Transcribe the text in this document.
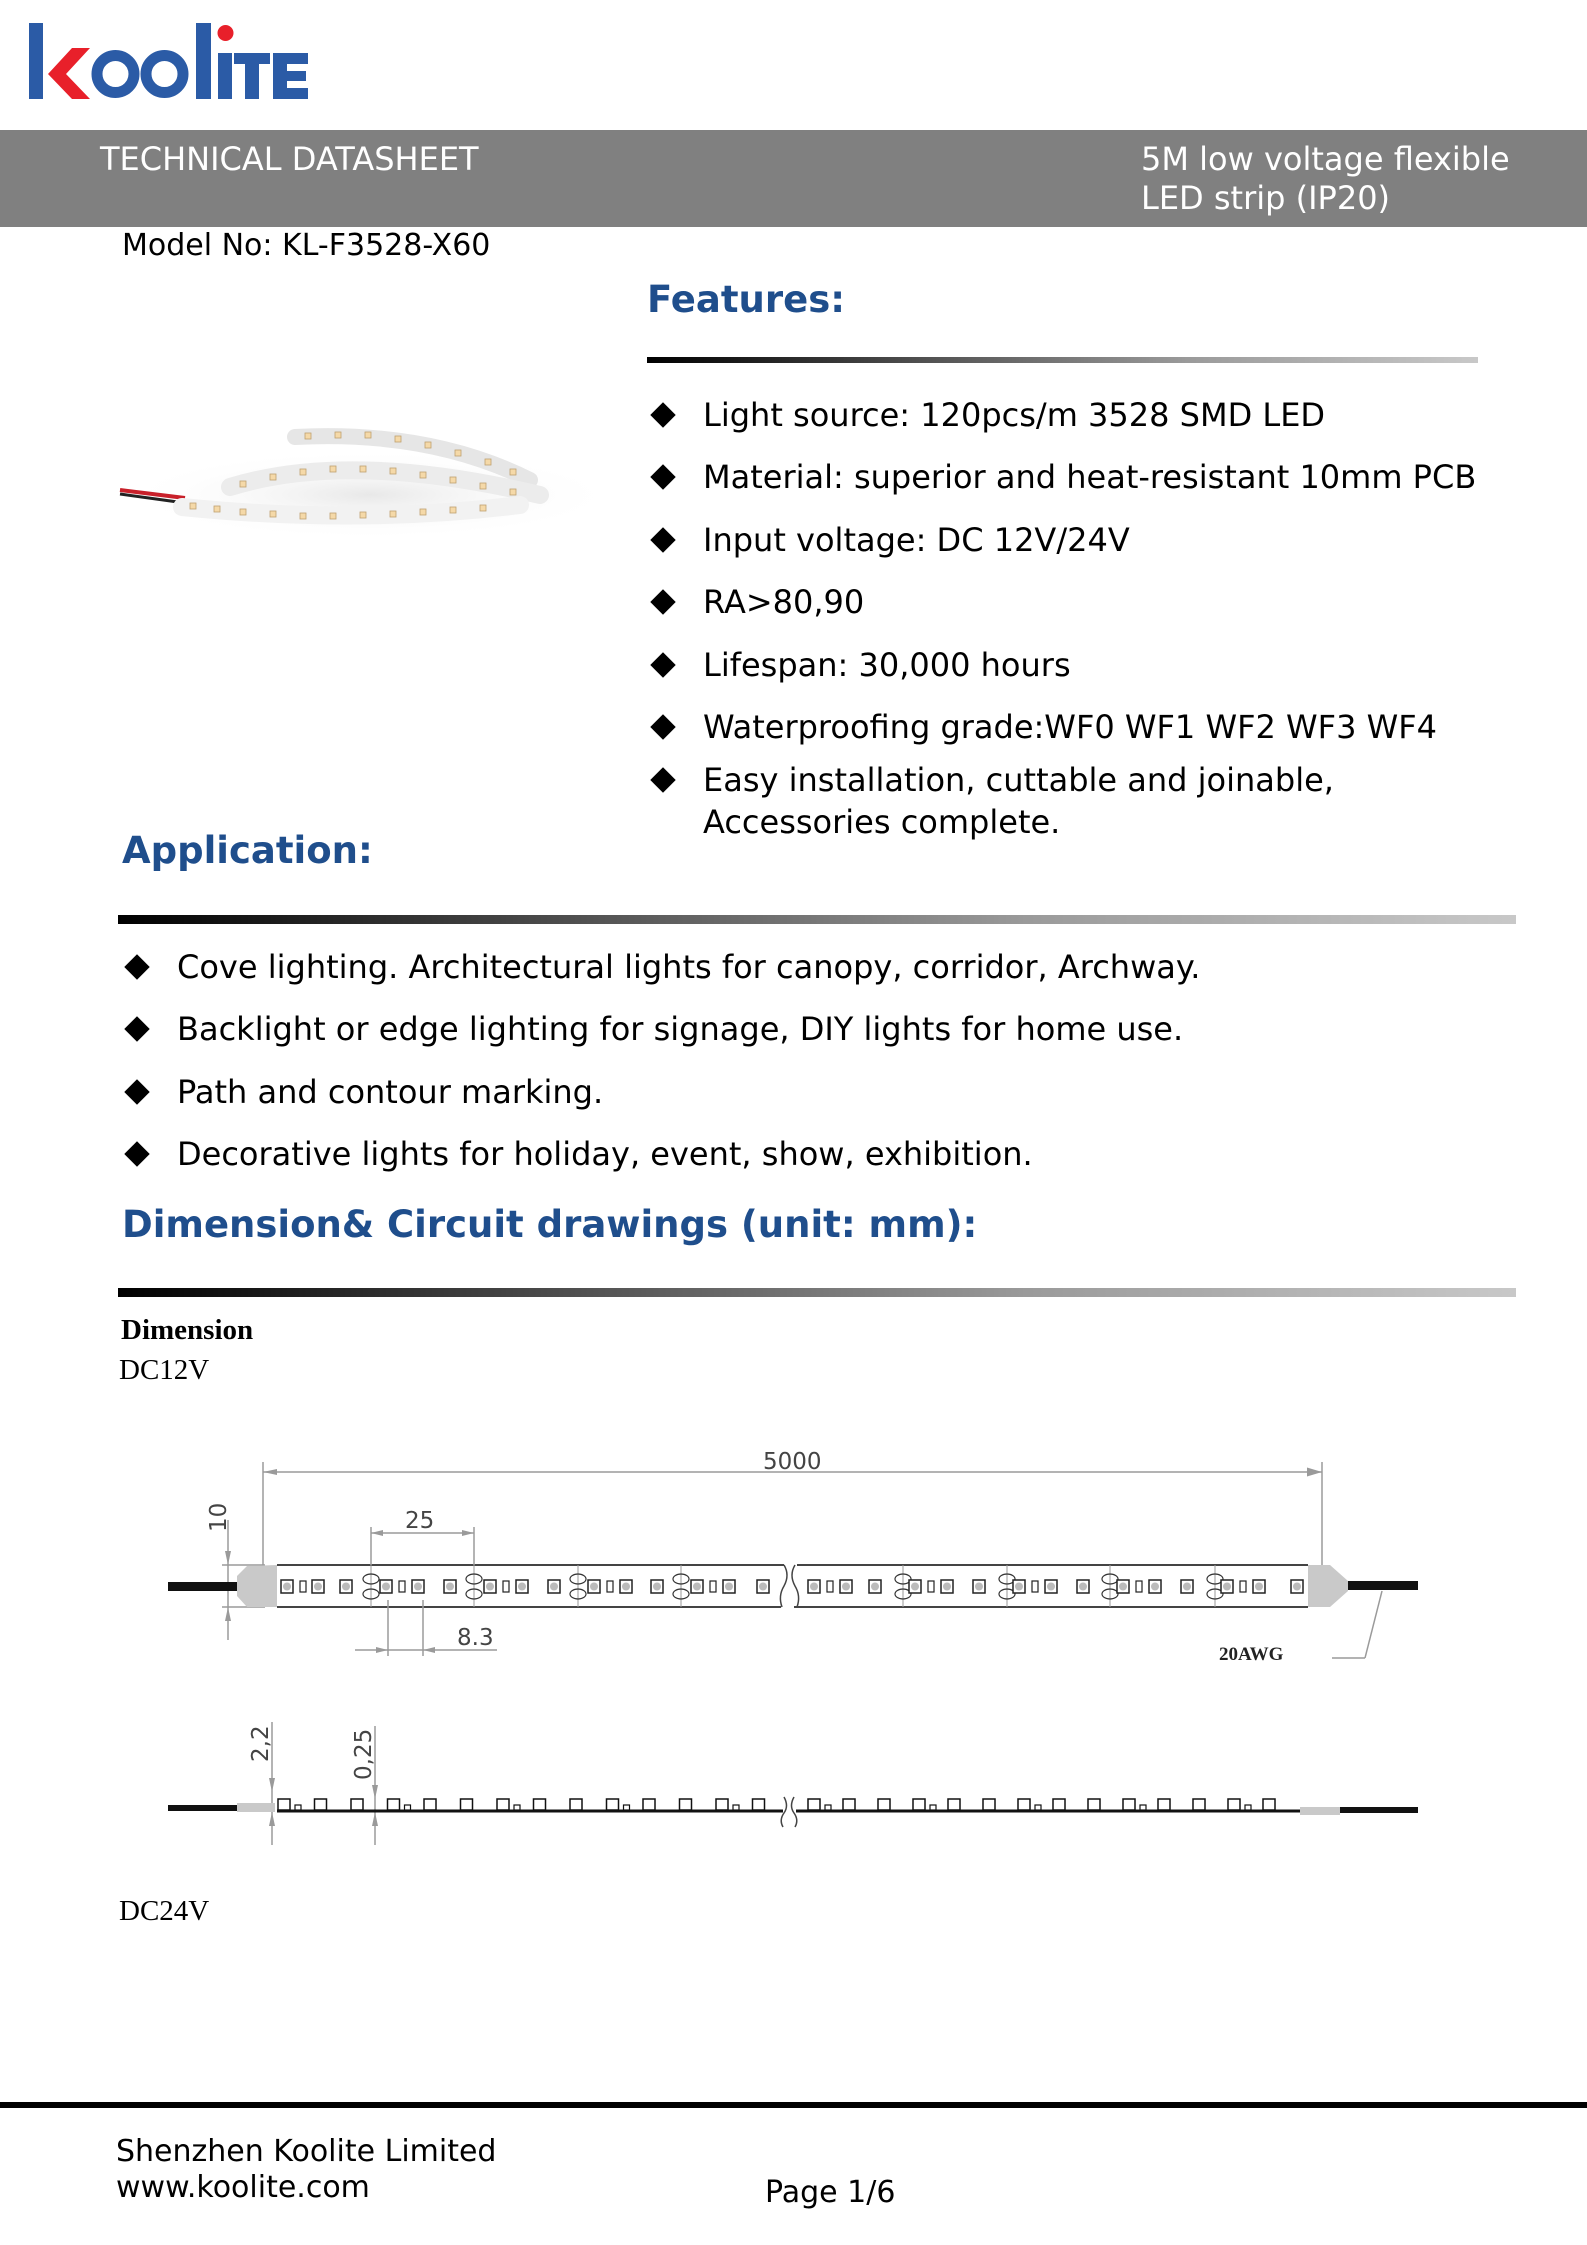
TECHNICAL DATASHEET	5M low voltage flexible
LED strip (IP20)
Model No: KL-F3528-X60
Features:
Light source: 120pcs/m 3528 SMD LED
Material: superior and heat-resistant 10mm PCB
Input voltage: DC 12V/24V
RA>80,90
Lifespan: 30,000 hours
Waterproofing grade:WF0 WF1 WF2 WF3 WF4
Easy installation, cuttable and joinable,
Accessories complete.
Application:
Cove lighting. Architectural lights for canopy, corridor, Archway.
Backlight or edge lighting for signage, DIY lights for home use.
Path and contour marking.
Decorative lights for holiday, event, show, exhibition.
Dimension& Circuit drawings (unit: mm):
Dimension
DC12V
DC24V
5000
10
20AWG
25
8.3
2,2	0,25
Shenzhen Koolite Limited
www.koolite.com	Page 1/6
